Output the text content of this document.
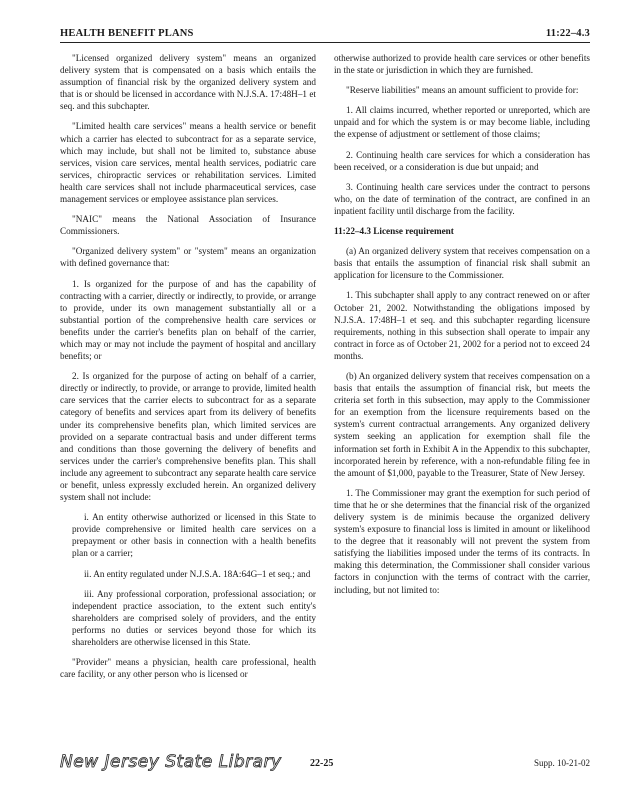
HEALTH BENEFIT PLANS	11:22–4.3

"Licensed organized delivery system" means an organized delivery system that is compensated on a basis which entails the assumption of financial risk by the organized delivery system and that is or should be licensed in accordance with N.J.S.A. 17:48H–1 et seq. and this subchapter.

"Limited health care services" means a health service or benefit which a carrier has elected to subcontract for as a separate service, which may include, but shall not be limited to, substance abuse services, vision care services, mental health services, podiatric care services, chiropractic services or rehabilitation services. Limited health care services shall not include pharmaceutical services, case management services or employee assistance plan services.

"NAIC" means the National Association of Insurance Commissioners.

"Organized delivery system" or "system" means an organization with defined governance that:

1. Is organized for the purpose of and has the capability of contracting with a carrier, directly or indirectly, to provide, or arrange to provide, under its own management substantially all or a substantial portion of the comprehensive health care services or benefits under the carrier's benefits plan on behalf of the carrier, which may or may not include the payment of hospital and ancillary benefits; or

2. Is organized for the purpose of acting on behalf of a carrier, directly or indirectly, to provide, or arrange to provide, limited health care services that the carrier elects to subcontract for as a separate category of benefits and services apart from its delivery of benefits under its comprehensive benefits plan, which limited services are provided on a separate contractual basis and under different terms and conditions than those governing the delivery of benefits and services under the carrier's comprehensive benefits plan. This shall include any agreement to subcontract any separate health care service or benefit, unless expressly excluded herein. An organized delivery system shall not include:

i. An entity otherwise authorized or licensed in this State to provide comprehensive or limited health care services on a prepayment or other basis in connection with a health benefits plan or a carrier;

ii. An entity regulated under N.J.S.A. 18A:64G–1 et seq.; and

iii. Any professional corporation, professional association; or independent practice association, to the extent such entity's shareholders are comprised solely of providers, and the entity performs no duties or services beyond those for which its shareholders are otherwise licensed in this State.

"Provider" means a physician, health care professional, health care facility, or any other person who is licensed or

otherwise authorized to provide health care services or other benefits in the state or jurisdiction in which they are furnished.

"Reserve liabilities" means an amount sufficient to provide for:

1. All claims incurred, whether reported or unreported, which are unpaid and for which the system is or may become liable, including the expense of adjustment or settlement of those claims;

2. Continuing health care services for which a consideration has been received, or a consideration is due but unpaid; and

3. Continuing health care services under the contract to persons who, on the date of termination of the contract, are confined in an inpatient facility until discharge from the facility.

11:22–4.3 License requirement

(a) An organized delivery system that receives compensation on a basis that entails the assumption of financial risk shall submit an application for licensure to the Commissioner.

1. This subchapter shall apply to any contract renewed on or after October 21, 2002. Notwithstanding the obligations imposed by N.J.S.A. 17:48H–1 et seq. and this subchapter regarding licensure requirements, nothing in this subsection shall operate to impair any contract in force as of October 21, 2002 for a period not to exceed 24 months.

(b) An organized delivery system that receives compensation on a basis that entails the assumption of financial risk, but meets the criteria set forth in this subsection, may apply to the Commissioner for an exemption from the licensure requirements based on the system's current contractual arrangements. Any organized delivery system seeking an application for exemption shall file the information set forth in Exhibit A in the Appendix to this subchapter, incorporated herein by reference, with a non-refundable filing fee in the amount of $1,000, payable to the Treasurer, State of New Jersey.

1. The Commissioner may grant the exemption for such period of time that he or she determines that the financial risk of the organized delivery system is de minimis because the organized delivery system's exposure to financial loss is limited in amount or likelihood to the degree that it reasonably will not prevent the system from satisfying the liabilities imposed under the terms of its contracts. In making this determination, the Commissioner shall consider various factors in conjunction with the terms of contract with the carrier, including, but not limited to:

New Jersey State Library	22-25	Supp. 10-21-02
